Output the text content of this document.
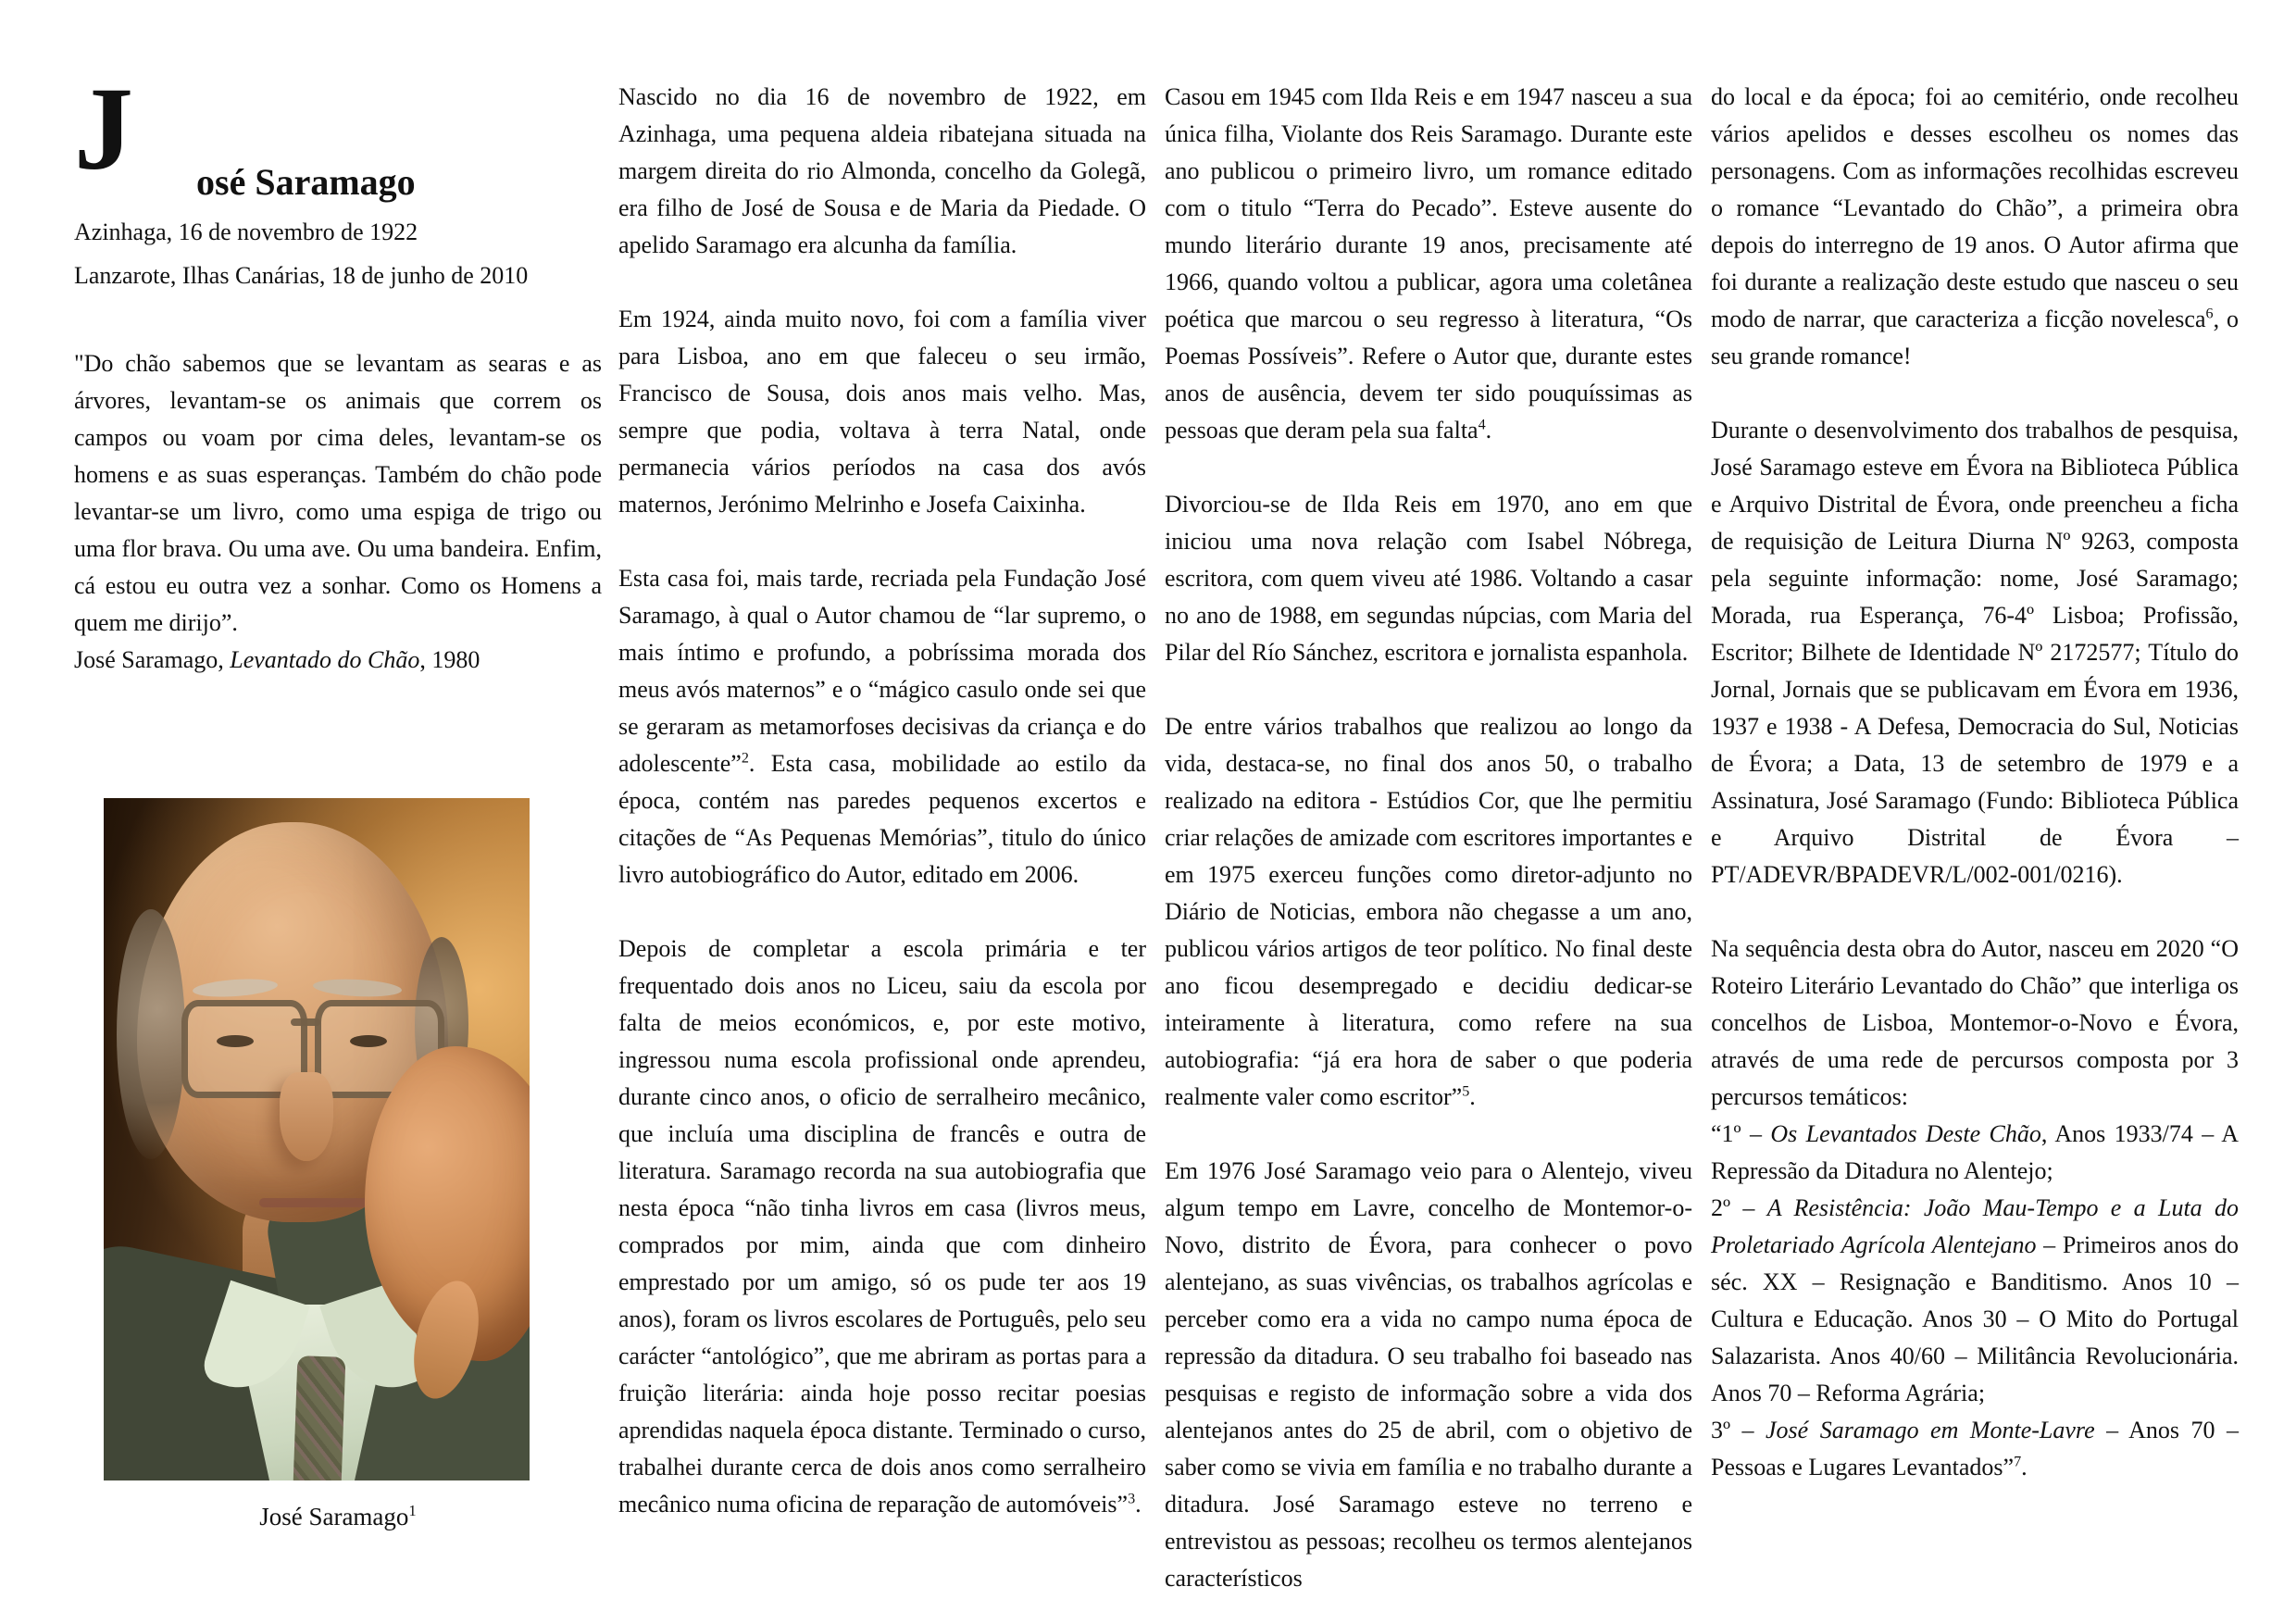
J osé Saramago
Azinhaga, 16 de novembro de 1922
Lanzarote, Ilhas Canárias, 18 de junho de 2010

"Do chão sabemos que se levantam as searas e as árvores, levantam-se os animais que correm os campos ou voam por cima deles, levantam-se os homens e as suas esperanças. Também do chão pode levantar-se um livro, como uma espiga de trigo ou uma flor brava. Ou uma ave. Ou uma bandeira. Enfim, cá estou eu outra vez a sonhar. Como os Homens a quem me dirijo”.

José Saramago, Levantado do Chão, 1980

José Saramago$^1$

Nascido no dia 16 de novembro de 1922, em Azinhaga, uma pequena aldeia ribatejana situada na margem direita do rio Almonda, concelho da Golegã, era filho de José de Sousa e de Maria da Piedade. O apelido Saramago era alcunha da família.

Em 1924, ainda muito novo, foi com a família viver para Lisboa, ano em que faleceu o seu irmão, Francisco de Sousa, dois anos mais velho. Mas, sempre que podia, voltava à terra Natal, onde permanecia vários períodos na casa dos avós maternos, Jerónimo Melrinho e Josefa Caixinha.

Esta casa foi, mais tarde, recriada pela Fundação José Saramago, à qual o Autor chamou de “lar supremo, o mais íntimo e profundo, a pobríssima morada dos meus avós maternos” e o “mágico casulo onde sei que se geraram as metamorfoses decisivas da criança e do adolescente”$^2$. Esta casa, mobilidade ao estilo da época, contém nas paredes pequenos excertos e citações de “As Pequenas Memórias”, titulo do único livro autobiográfico do Autor, editado em 2006.

Depois de completar a escola primária e ter frequentado dois anos no Liceu, saiu da escola por falta de meios económicos, e, por este motivo, ingressou numa escola profissional onde aprendeu, durante cinco anos, o oficio de serralheiro mecânico, que incluía uma disciplina de francês e outra de literatura. Saramago recorda na sua autobiografia que nesta época “não tinha livros em casa (livros meus, comprados por mim, ainda que com dinheiro emprestado por um amigo, só os pude ter aos 19 anos), foram os livros escolares de Português, pelo seu carácter “antológico”, que me abriram as portas para a fruição literária: ainda hoje posso recitar poesias aprendidas naquela época distante. Terminado o curso, trabalhei durante cerca de dois anos como serralheiro mecânico numa oficina de reparação de automóveis”$^3$.

Casou em 1945 com Ilda Reis e em 1947 nasceu a sua única filha, Violante dos Reis Saramago. Durante este ano publicou o primeiro livro, um romance editado com o titulo “Terra do Pecado”. Esteve ausente do mundo literário durante 19 anos, precisamente até 1966, quando voltou a publicar, agora uma coletânea poética que marcou o seu regresso à literatura, “Os Poemas Possíveis”. Refere o Autor que, durante estes anos de ausência, devem ter sido pouquíssimas as pessoas que deram pela sua falta$^4$.

Divorciou-se de Ilda Reis em 1970, ano em que iniciou uma nova relação com Isabel Nóbrega, escritora, com quem viveu até 1986. Voltando a casar no ano de 1988, em segundas núpcias, com Maria del Pilar del Río Sánchez, escritora e jornalista espanhola.

De entre vários trabalhos que realizou ao longo da vida, destaca-se, no final dos anos 50, o trabalho realizado na editora - Estúdios Cor, que lhe permitiu criar relações de amizade com escritores importantes e em 1975 exerceu funções como diretor-adjunto no Diário de Noticias, embora não chegasse a um ano, publicou vários artigos de teor político. No final deste ano ficou desempregado e decidiu dedicar-se inteiramente à literatura, como refere na sua autobiografia: “já era hora de saber o que poderia realmente valer como escritor”$^5$.

Em 1976 José Saramago veio para o Alentejo, viveu algum tempo em Lavre, concelho de Montemor-o-Novo, distrito de Évora, para conhecer o povo alentejano, as suas vivências, os trabalhos agrícolas e perceber como era a vida no campo numa época de repressão da ditadura. O seu trabalho foi baseado nas pesquisas e registo de informação sobre a vida dos alentejanos antes do 25 de abril, com o objetivo de saber como se vivia em família e no trabalho durante a ditadura. José Saramago esteve no terreno e entrevistou as pessoas; recolheu os termos alentejanos característicos

do local e da época; foi ao cemitério, onde recolheu vários apelidos e desses escolheu os nomes das personagens. Com as informações recolhidas escreveu o romance “Levantado do Chão”, a primeira obra depois do interregno de 19 anos. O Autor afirma que foi durante a realização deste estudo que nasceu o seu modo de narrar, que caracteriza a ficção novelesca$^6$, o seu grande romance!

Durante o desenvolvimento dos trabalhos de pesquisa, José Saramago esteve em Évora na Biblioteca Pública e Arquivo Distrital de Évora, onde preencheu a ficha de requisição de Leitura Diurna Nº 9263, composta pela seguinte informação: nome, José Saramago; Morada, rua Esperança, 76-4º Lisboa; Profissão, Escritor; Bilhete de Identidade Nº 2172577; Título do Jornal, Jornais que se publicavam em Évora em 1936, 1937 e 1938 - A Defesa, Democracia do Sul, Noticias de Évora; a Data, 13 de setembro de 1979 e a Assinatura, José Saramago (Fundo: Biblioteca Pública e Arquivo Distrital de Évora – PT/ADEVR/BPADEVR/L/002-001/0216).

Na sequência desta obra do Autor, nasceu em 2020 “O Roteiro Literário Levantado do Chão” que interliga os concelhos de Lisboa, Montemor-o-Novo e Évora, através de uma rede de percursos composta por 3 percursos temáticos:

“1º – Os Levantados Deste Chão, Anos 1933/74 – A Repressão da Ditadura no Alentejo;

2º – A Resistência: João Mau-Tempo e a Luta do Proletariado Agrícola Alentejano – Primeiros anos do séc. XX – Resignação e Banditismo. Anos 10 – Cultura e Educação. Anos 30 – O Mito do Portugal Salazarista. Anos 40/60 – Militância Revolucionária. Anos 70 – Reforma Agrária;

3º – José Saramago em Monte-Lavre – Anos 70 – Pessoas e Lugares Levantados”$^7$.
